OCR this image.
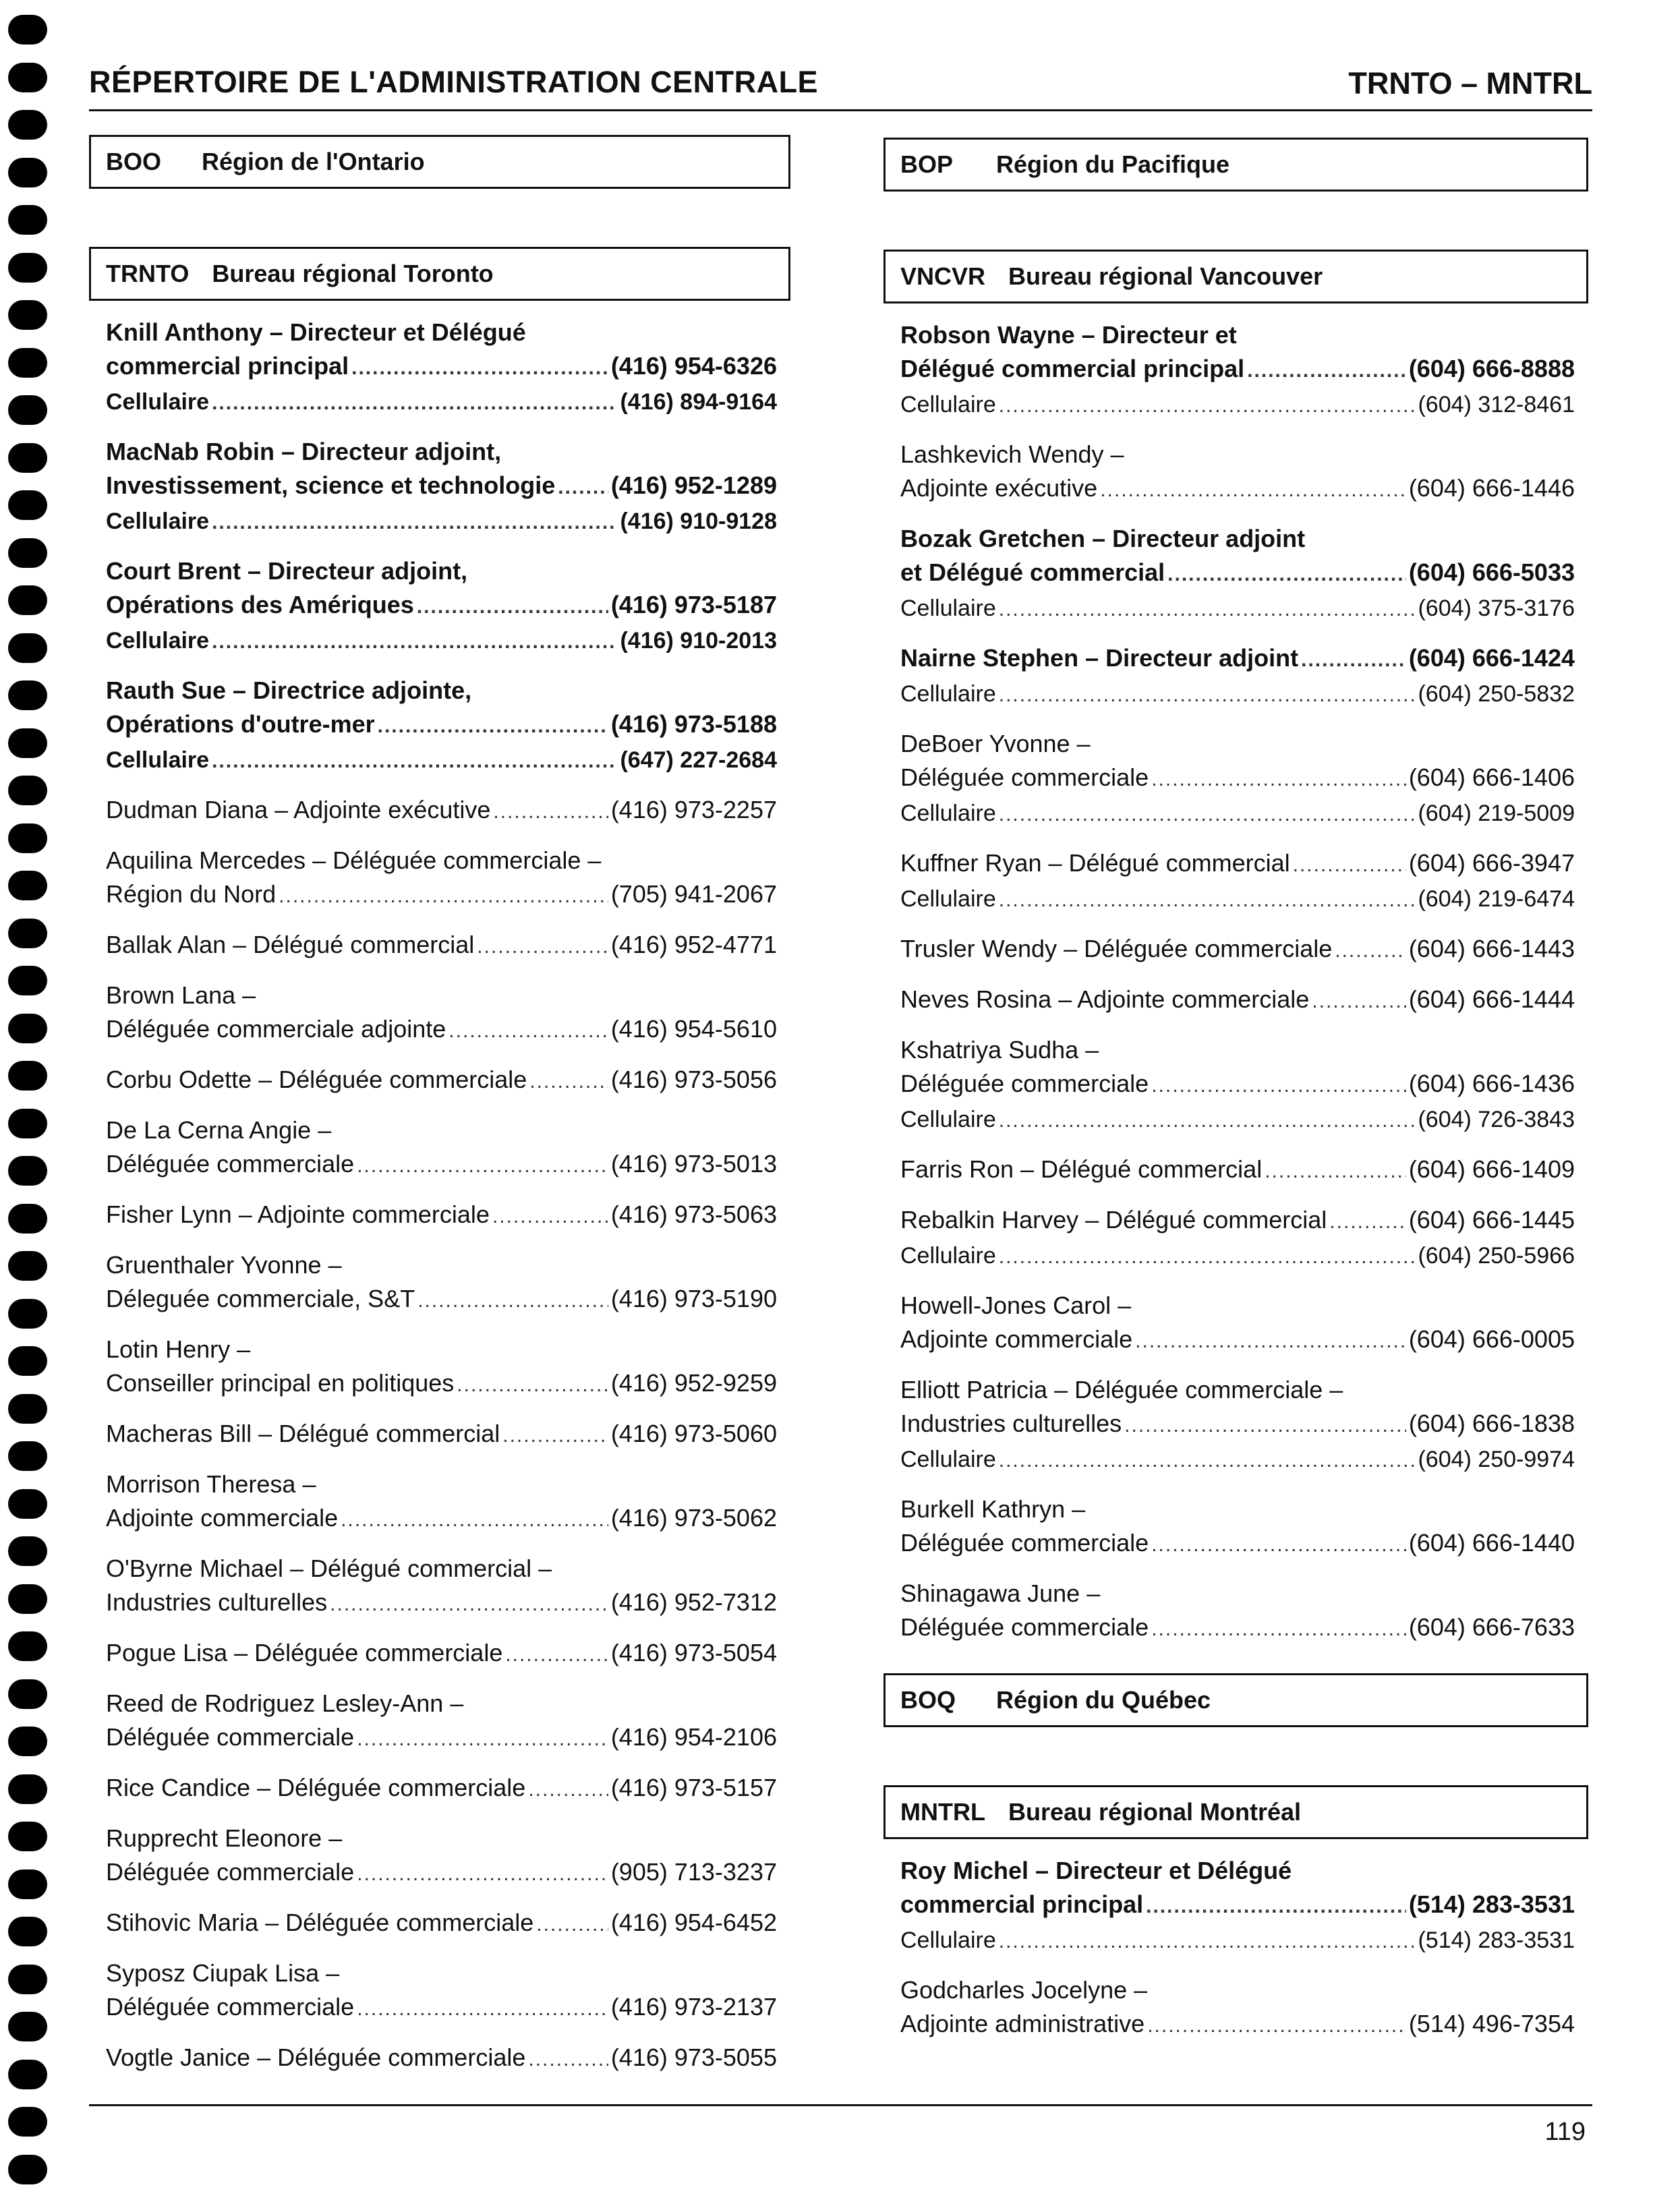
RÉPERTOIRE DE L'ADMINISTRATION CENTRALE	TRNTO – MNTRL
BOO	Région de l'Ontario
TRNTO Bureau régional Toronto
Knill Anthony – Directeur et Délégué
commercial principal .....	(416) 954-6326
Cellulaire .....	(416) 894-9164
MacNab Robin – Directeur adjoint,
Investissement, science et technologie ..... (416) 952-1289
Cellulaire .....	(416) 910-9128
Court Brent – Directeur adjoint,
Opérations des Amériques .....	(416) 973-5187
Cellulaire .....	(416) 910-2013
Rauth Sue – Directrice adjointe,
Opérations d'outre-mer .....	(416) 973-5188
Cellulaire .....	(647) 227-2684
Dudman Diana – Adjointe exécutive .....	(416) 973-2257
Aquilina Mercedes – Déléguée commerciale –
Région du Nord .....	(705) 941-2067
Ballak Alan – Délégué commercial .....	(416) 952-4771
Brown Lana –
Déléguée commerciale adjointe .....	(416) 954-5610
Corbu Odette – Déléguée commerciale .....	(416) 973-5056
De La Cerna Angie –
Déléguée commerciale .....	(416) 973-5013
Fisher Lynn – Adjointe commerciale .....	(416) 973-5063
Gruenthaler Yvonne –
Déleguée commerciale, S&T .....	(416) 973-5190
Lotin Henry –
Conseiller principal en politiques .....	(416) 952-9259
Macheras Bill – Délégué commercial .....	(416) 973-5060
Morrison Theresa –
Adjointe commerciale .....	(416) 973-5062
O'Byrne Michael – Délégué commercial –
Industries culturelles .....	(416) 952-7312
Pogue Lisa – Déléguée commerciale .....	(416) 973-5054
Reed de Rodriguez Lesley-Ann –
Déléguée commerciale .....	(416) 954-2106
Rice Candice – Déléguée commerciale .....	(416) 973-5157
Rupprecht Eleonore –
Déléguée commerciale .....	(905) 713-3237
Stihovic Maria – Déléguée commerciale .....	(416) 954-6452
Syposz Ciupak Lisa –
Déléguée commerciale .....	(416) 973-2137
Vogtle Janice – Déléguée commerciale .....	(416) 973-5055
BOP	Région du Pacifique
VNCVR Bureau régional Vancouver
Robson Wayne – Directeur et
Délégué commercial principal .....	(604) 666-8888
Cellulaire .....	(604) 312-8461
Lashkevich Wendy –
Adjointe exécutive .....	(604) 666-1446
Bozak Gretchen – Directeur adjoint
et Délégué commercial .....	(604) 666-5033
Cellulaire .....	(604) 375-3176
Nairne Stephen – Directeur adjoint .....	(604) 666-1424
Cellulaire .....	(604) 250-5832
DeBoer Yvonne –
Déléguée commerciale .....	(604) 666-1406
Cellulaire .....	(604) 219-5009
Kuffner Ryan – Délégué commercial .....	(604) 666-3947
Cellulaire .....	(604) 219-6474
Trusler Wendy – Déléguée commerciale .....	(604) 666-1443
Neves Rosina – Adjointe commerciale .....	(604) 666-1444
Kshatriya Sudha –
Déléguée commerciale .....	(604) 666-1436
Cellulaire .....	(604) 726-3843
Farris Ron – Délégué commercial .....	(604) 666-1409
Rebalkin Harvey – Délégué commercial .....	(604) 666-1445
Cellulaire .....	(604) 250-5966
Howell-Jones Carol –
Adjointe commerciale .....	(604) 666-0005
Elliott Patricia – Déléguée commerciale –
Industries culturelles .....	(604) 666-1838
Cellulaire .....	(604) 250-9974
Burkell Kathryn –
Déléguée commerciale .....	(604) 666-1440
Shinagawa June –
Déléguée commerciale .....	(604) 666-7633
BOQ	Région du Québec
MNTRL Bureau régional Montréal
Roy Michel – Directeur et Délégué
commercial principal .....	(514) 283-3531
Cellulaire .....	(514) 283-3531
Godcharles Jocelyne –
Adjointe administrative .....	(514) 496-7354
119
